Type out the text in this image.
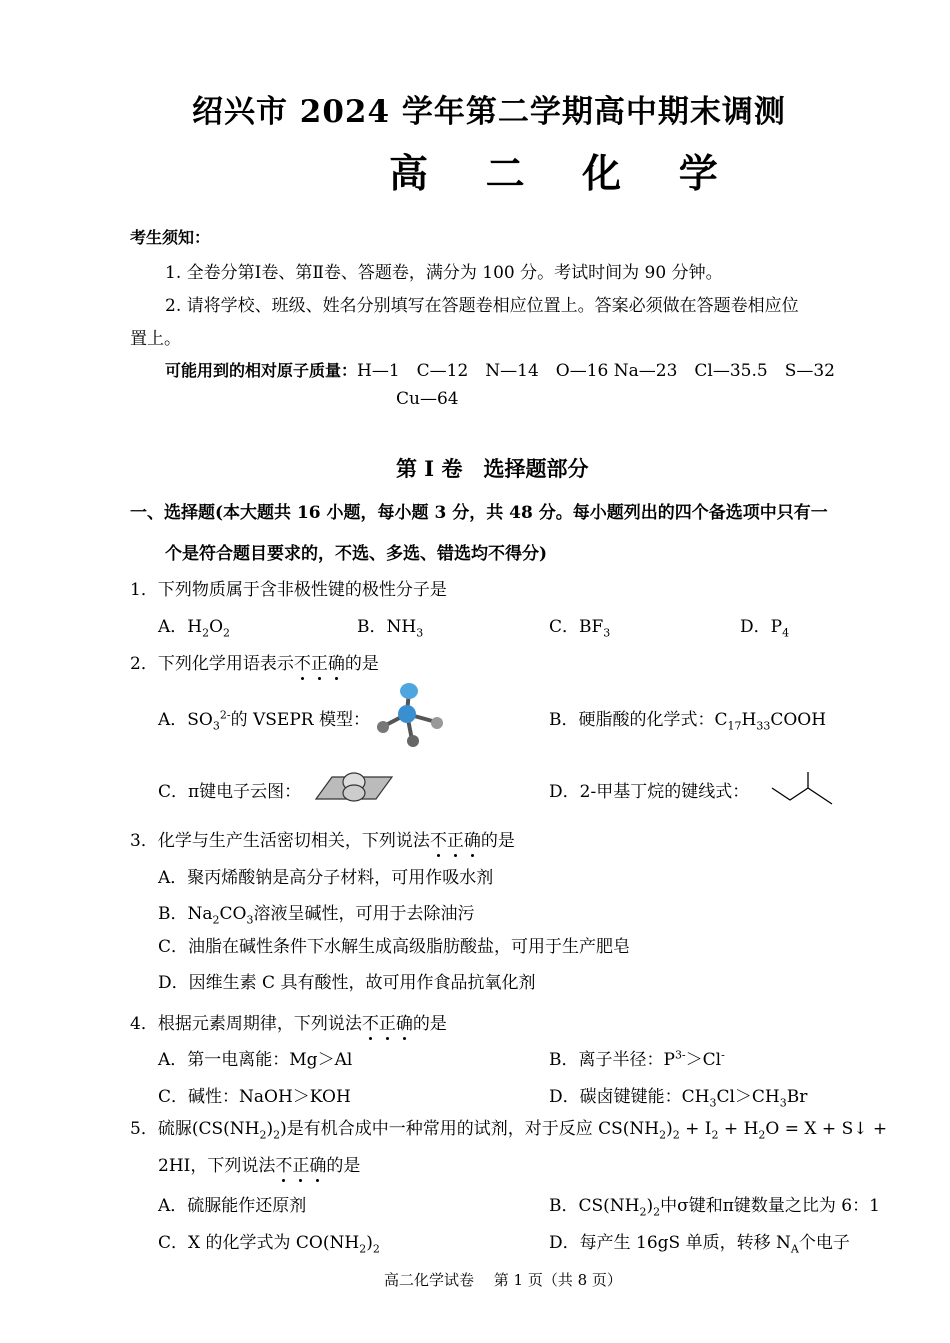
绍兴市 2024 学年第二学期高中期末调测
高 二 化 学
考生须知：
1. 全卷分第Ⅰ卷、第Ⅱ卷、答题卷，满分为 100 分。考试时间为 90 分钟。
2. 请将学校、班级、姓名分别填写在答题卷相应位置上。答案必须做在答题卷相应位
置上。
可能用到的相对原子质量：H—1　C—12　N—14　O—16 Na—23　Cl—35.5　S—32
Cu—64
第 I 卷　选择题部分
一、选择题(本大题共 16 小题，每小题 3 分，共 48 分。每小题列出的四个备选项中只有一
个是符合题目要求的，不选、多选、错选均不得分)
1．下列物质属于含非极性键的极性分子是
A．$H_2O_2$	B．$NH_3$	C．$BF_3$	D．$P_4$
2．下列化学用语表示不正确的是
A．$SO_3^{2-}$的 VSEPR 模型：	B．硬脂酸的化学式：$C_{17}H_{33}COOH$
C．π键电子云图：	D．2-甲基丁烷的键线式：
3．化学与生产生活密切相关，下列说法不正确的是
A．聚丙烯酸钠是高分子材料，可用作吸水剂
B．$Na_2CO_3$溶液呈碱性，可用于去除油污
C．油脂在碱性条件下水解生成高级脂肪酸盐，可用于生产肥皂
D．因维生素 C 具有酸性，故可用作食品抗氧化剂
4．根据元素周期律，下列说法不正确的是
A．第一电离能：Mg＞Al	B．离子半径：$P^{3-}>Cl^-$
C．碱性：NaOH＞KOH	D．碳卤键键能：$CH_3Cl>CH_3Br$
5．硫脲$(CS(NH_2)_2)$是有机合成中一种常用的试剂，对于反应 $CS(NH_2)_2 + I_2 + H_2O = X$ + S↓ +
2HI，下列说法不正确的是
A．硫脲能作还原剂	B．$CS(NH_2)_2$中σ键和π键数量之比为 6：1
C．X 的化学式为 $CO(NH_2)_2$	D．每产生 16gS 单质，转移 $N_A$个电子
高二化学试卷　 第 1 页（共 8 页）
